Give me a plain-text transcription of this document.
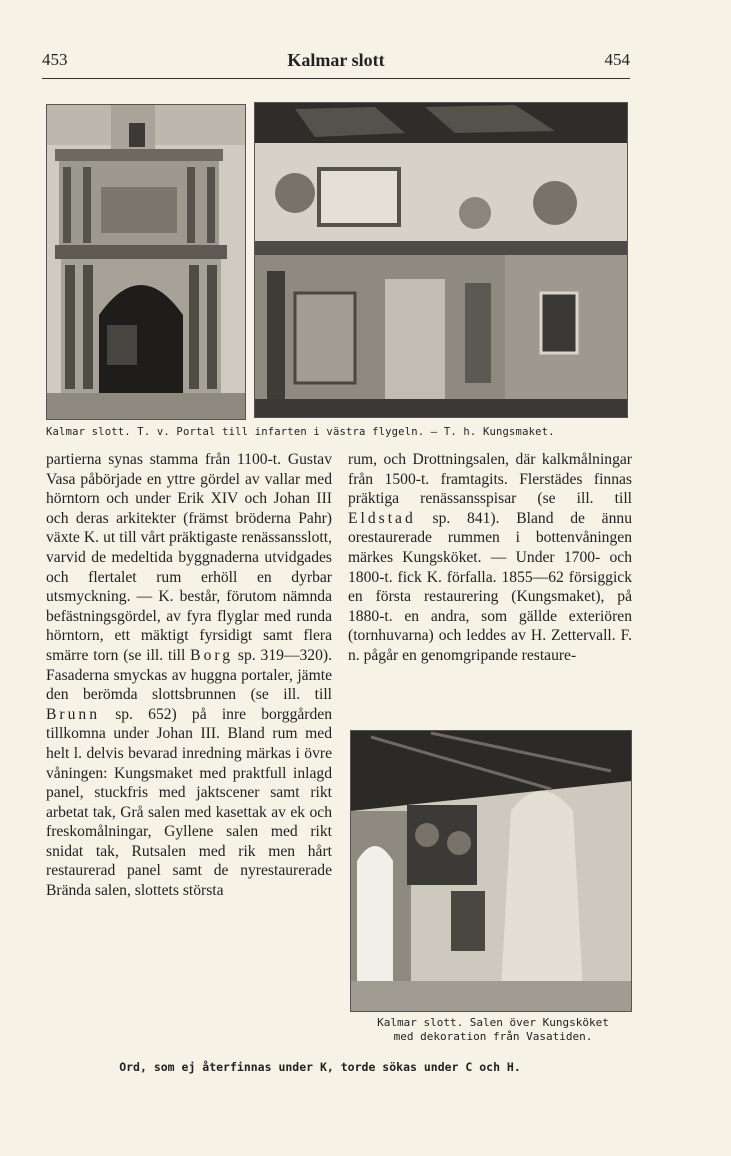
453	Kalmar slott	454
Kalmar slott. T. v. Portal till infarten i västra flygeln. — T. h. Kungsmaket.

partierna synas stamma från 1100-t. Gustav Vasa påbörjade en yttre gördel av vallar med hörntorn och under Erik XIV och Johan III och deras arkitekter (främst bröderna Pahr) växte K. ut till vårt präktigaste renässansslott, varvid de medeltida byggnaderna utvidgades och flertalet rum erhöll en dyrbar utsmyckning. — K. består, förutom nämnda befästningsgördel, av fyra flyglar med runda hörntorn, ett mäktigt fyrsidigt samt flera smärre torn (se ill. till Borg sp. 319—320). Fasaderna smyckas av huggna portaler, jämte den berömda slottsbrunnen (se ill. till Brunn sp. 652) på inre borggården tillkomna under Johan III. Bland rum med helt l. delvis bevarad inredning märkas i övre våningen: Kungsmaket med praktfull inlagd panel, stuckfris med jaktscener samt rikt arbetat tak, Grå salen med kasettak av ek och freskomålningar, Gyllene salen med rikt snidat tak, Rutsalen med rik men hårt restaurerad panel samt de nyrestaurerade Brända salen, slottets största

rum, och Drottningsalen, där kalkmålningar från 1500-t. framtagits. Flerstädes finnas präktiga renässansspisar (se ill. till Eldstad sp. 841). Bland de ännu orestaurerade rummen i bottenvåningen märkes Kungsköket. — Under 1700- och 1800-t. fick K. förfalla. 1855—62 försiggick en första restaurering (Kungsmaket), på 1880-t. en andra, som gällde exteriören (tornhuvarna) och leddes av H. Zettervall. F. n. pågår en genomgripande restaure-

Kalmar slott. Salen över Kungsköket
med dekoration från Vasatiden.
Ord, som ej återfinnas under K, torde sökas under C och H.
